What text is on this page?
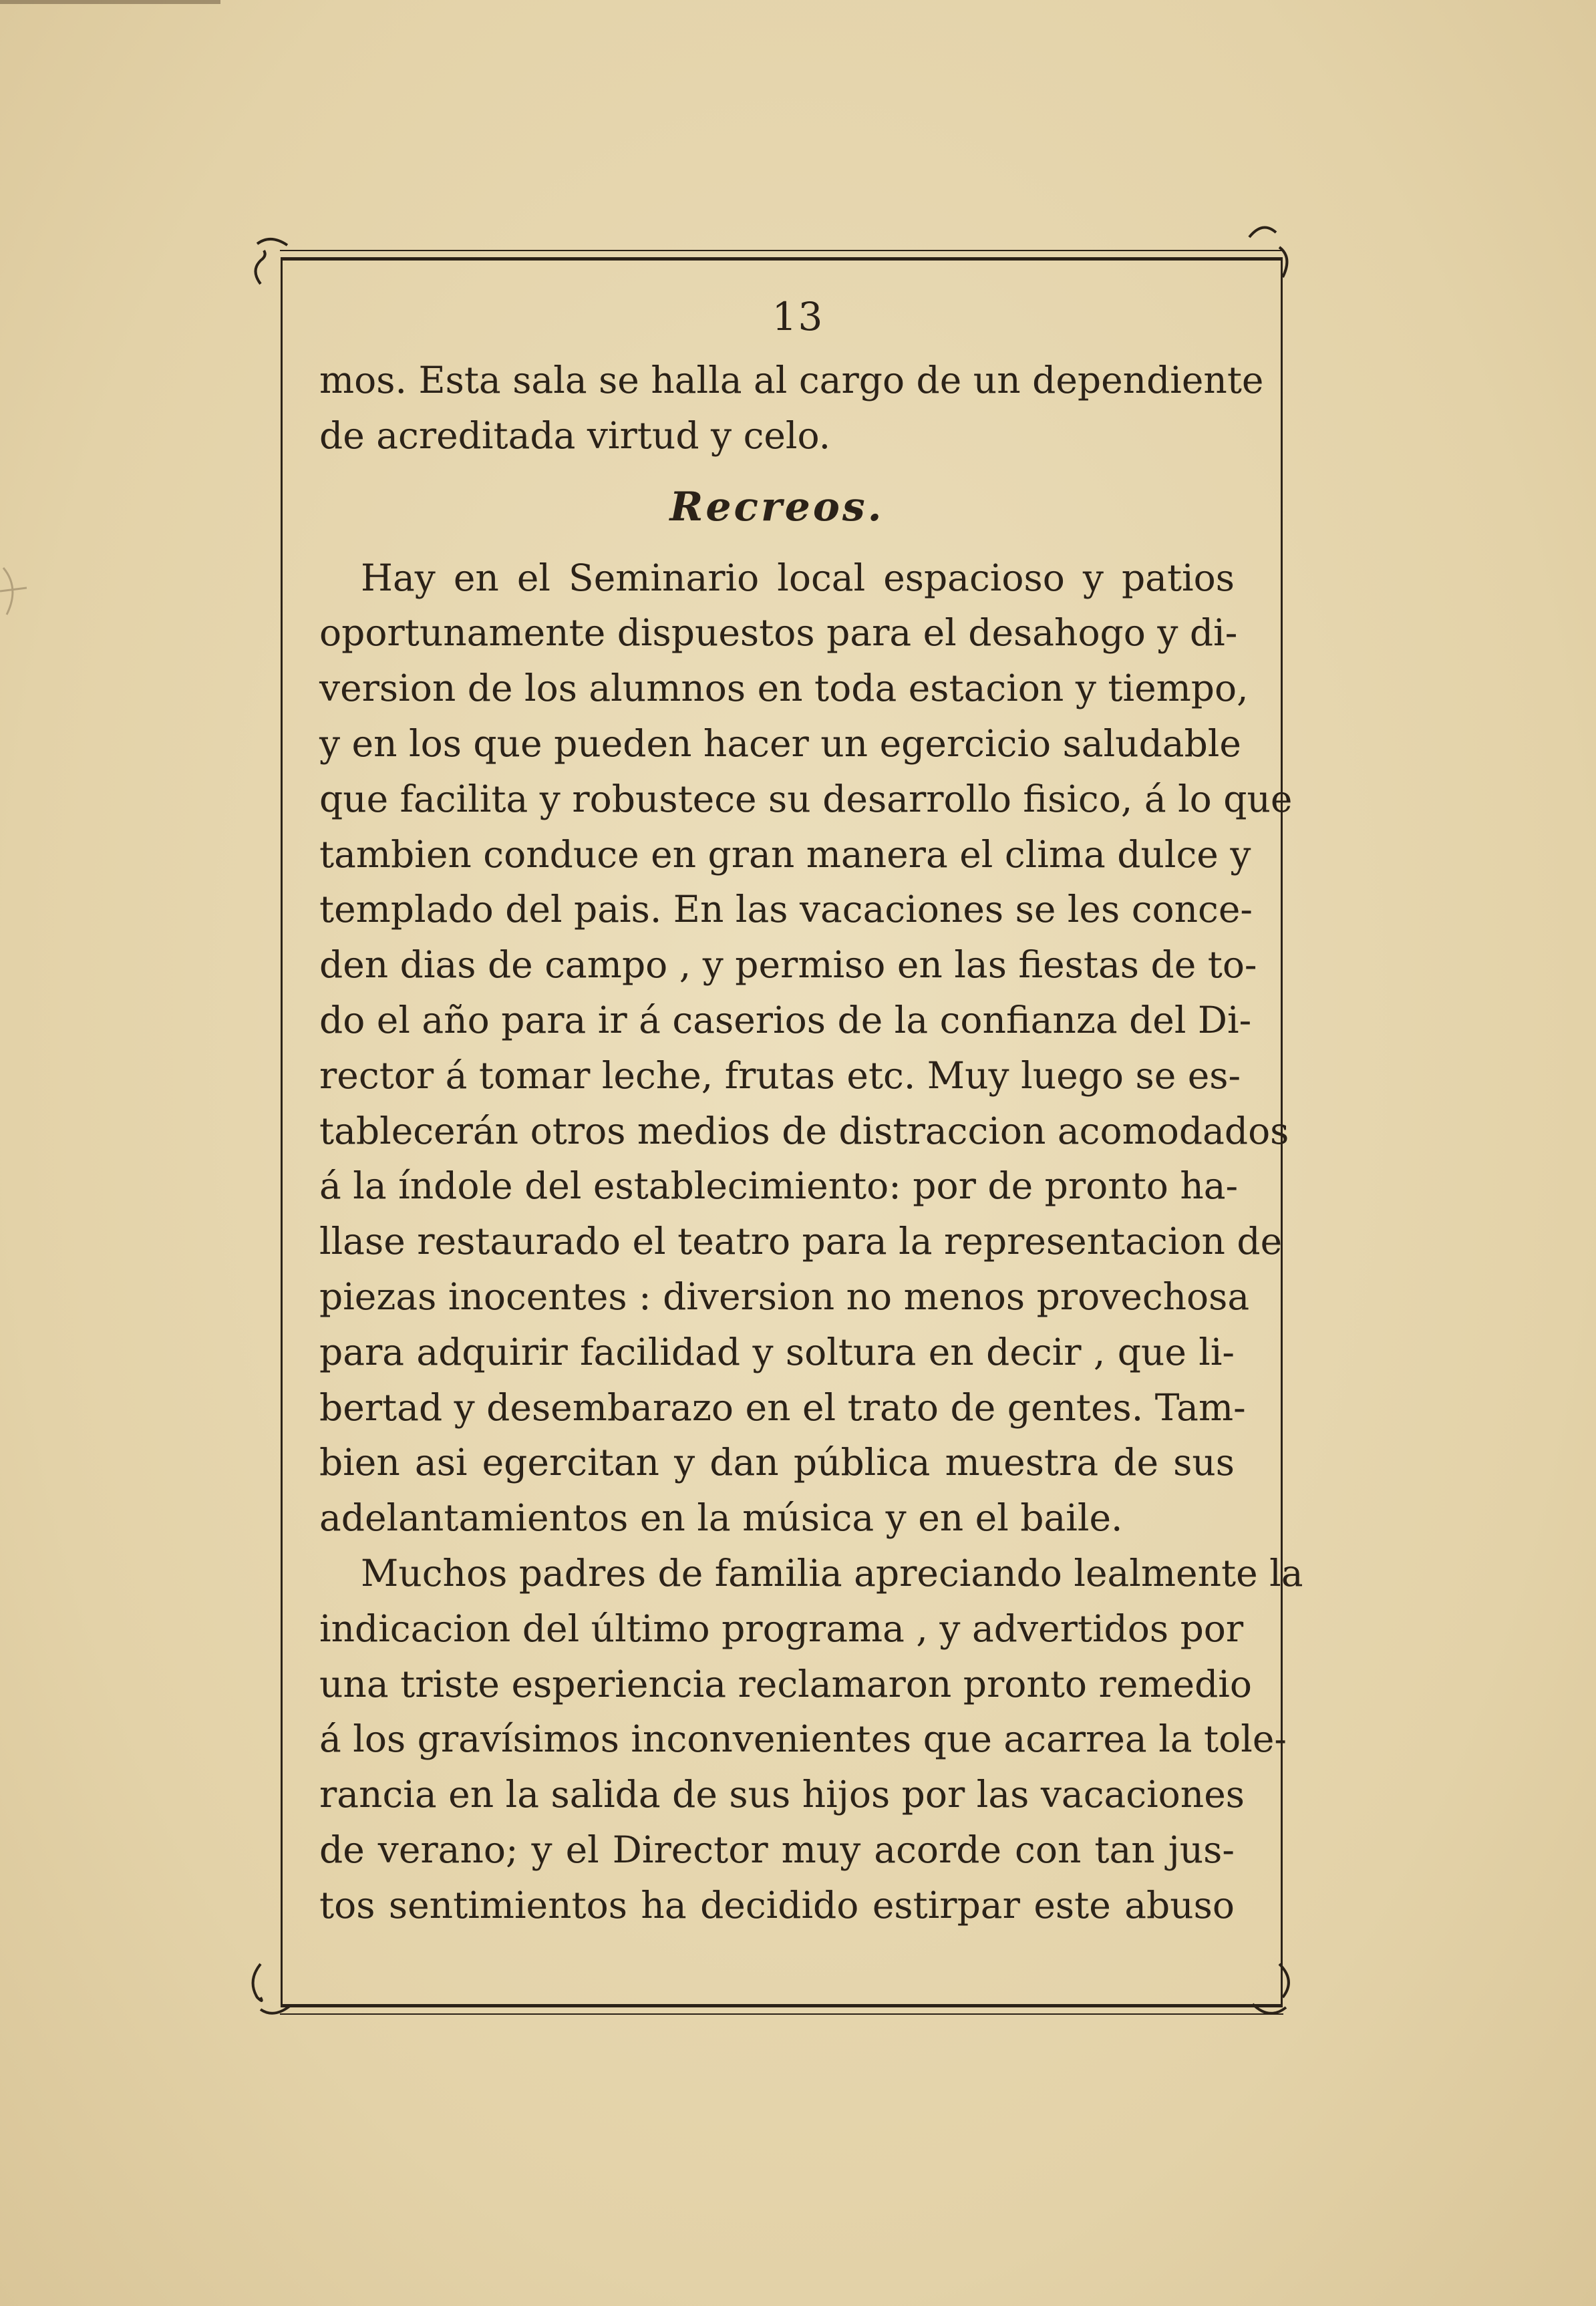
13
mos. Esta sala se halla al cargo de un dependiente
de acreditada virtud y celo.
Recreos.
Hay en el Seminario local espacioso y patios
oportunamente dispuestos para el desahogo y di-
version de los alumnos en toda estacion y tiempo,
y en los que pueden hacer un egercicio saludable
que facilita y robustece su desarrollo fisico, á lo que
tambien conduce en gran manera el clima dulce y
templado del pais. En las vacaciones se les conce-
den dias de campo , y permiso en las fiestas de to-
do el año para ir á caserios de la confianza del Di-
rector á tomar leche, frutas etc. Muy luego se es-
tablecerán otros medios de distraccion acomodados
á la índole del establecimiento: por de pronto ha-
llase restaurado el teatro para la representacion de
piezas inocentes : diversion no menos provechosa
para adquirir facilidad y soltura en decir , que li-
bertad y desembarazo en el trato de gentes. Tam-
bien asi egercitan y dan pública muestra de sus
adelantamientos en la música y en el baile.
Muchos padres de familia apreciando lealmente la
indicacion del último programa , y advertidos por
una triste esperiencia reclamaron pronto remedio
á los gravísimos inconvenientes que acarrea la tole-
rancia en la salida de sus hijos por las vacaciones
de verano; y el Director muy acorde con tan jus-
tos sentimientos ha decidido estirpar este abuso
